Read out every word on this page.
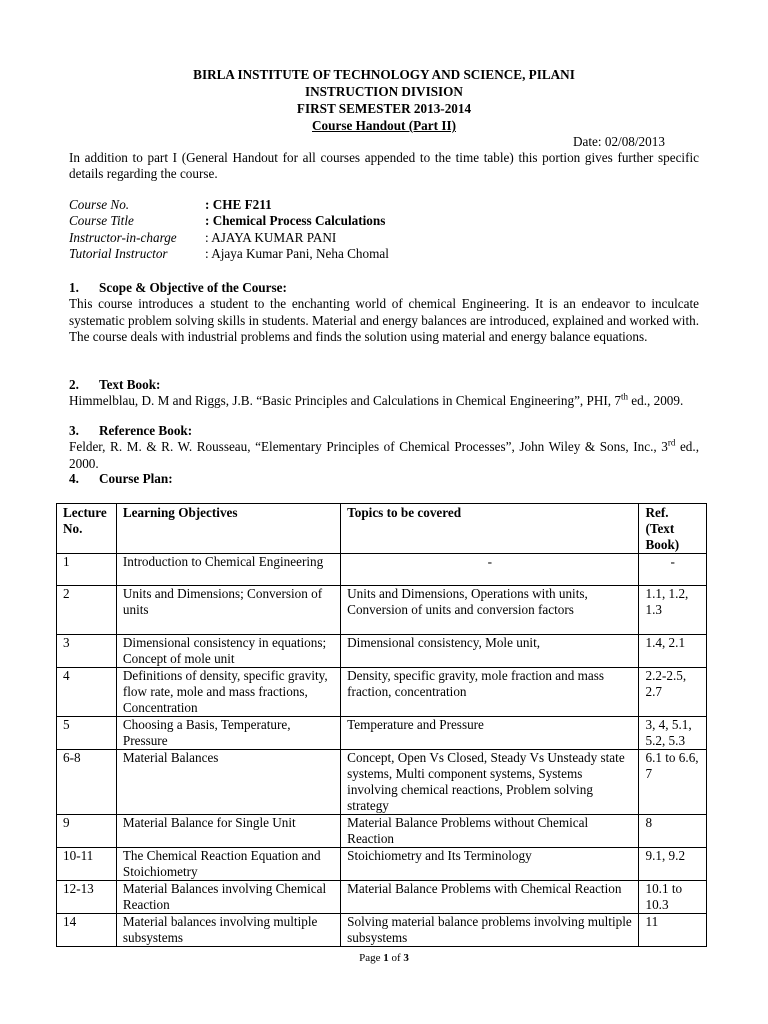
BIRLA INSTITUTE OF TECHNOLOGY AND SCIENCE, PILANI
INSTRUCTION DIVISION
FIRST SEMESTER 2013-2014
Course Handout (Part II)
Date: 02/08/2013
In addition to part I (General Handout for all courses appended to the time table) this portion gives further specific details regarding the course.
Course No.	: CHE F211
Course Title	: Chemical Process Calculations
Instructor-in-charge : AJAYA KUMAR PANI
Tutorial Instructor	: Ajaya Kumar Pani, Neha Chomal
1. Scope & Objective of the Course:
This course introduces a student to the enchanting world of chemical Engineering. It is an endeavor to inculcate systematic problem solving skills in students. Material and energy balances are introduced, explained and worked with. The course deals with industrial problems and finds the solution using material and energy balance equations.
2. Text Book:
Himmelblau, D. M and Riggs, J.B. “Basic Principles and Calculations in Chemical Engineering”, PHI, 7th ed., 2009.
3. Reference Book:
Felder, R. M. & R. W. Rousseau, “Elementary Principles of Chemical Processes”, John Wiley & Sons, Inc., 3rd ed., 2000.
4. Course Plan:
Lecture No.	Learning Objectives	Topics to be covered	Ref. (Text Book)
1	Introduction to Chemical Engineering	-	-
2	Units and Dimensions; Conversion of units	Units and Dimensions, Operations with units, Conversion of units and conversion factors	1.1, 1.2, 1.3
3	Dimensional consistency in equations; Concept of mole unit	Dimensional consistency, Mole unit,	1.4, 2.1
4	Definitions of density, specific gravity, flow rate, mole and mass fractions, Concentration	Density, specific gravity, mole fraction and mass fraction, concentration	2.2-2.5, 2.7
5	Choosing a Basis, Temperature, Pressure	Temperature and Pressure	3, 4, 5.1, 5.2, 5.3
6-8	Material Balances	Concept, Open Vs Closed, Steady Vs Unsteady state systems, Multi component systems, Systems involving chemical reactions, Problem solving strategy	6.1 to 6.6, 7
9	Material Balance for Single Unit	Material Balance Problems without Chemical Reaction	8
10-11	The Chemical Reaction Equation and Stoichiometry	Stoichiometry and Its Terminology	9.1, 9.2
12-13	Material Balances involving Chemical Reaction	Material Balance Problems with Chemical Reaction	10.1 to 10.3
14	Material balances involving multiple subsystems	Solving material balance problems involving multiple subsystems	11
Page 1 of 3
